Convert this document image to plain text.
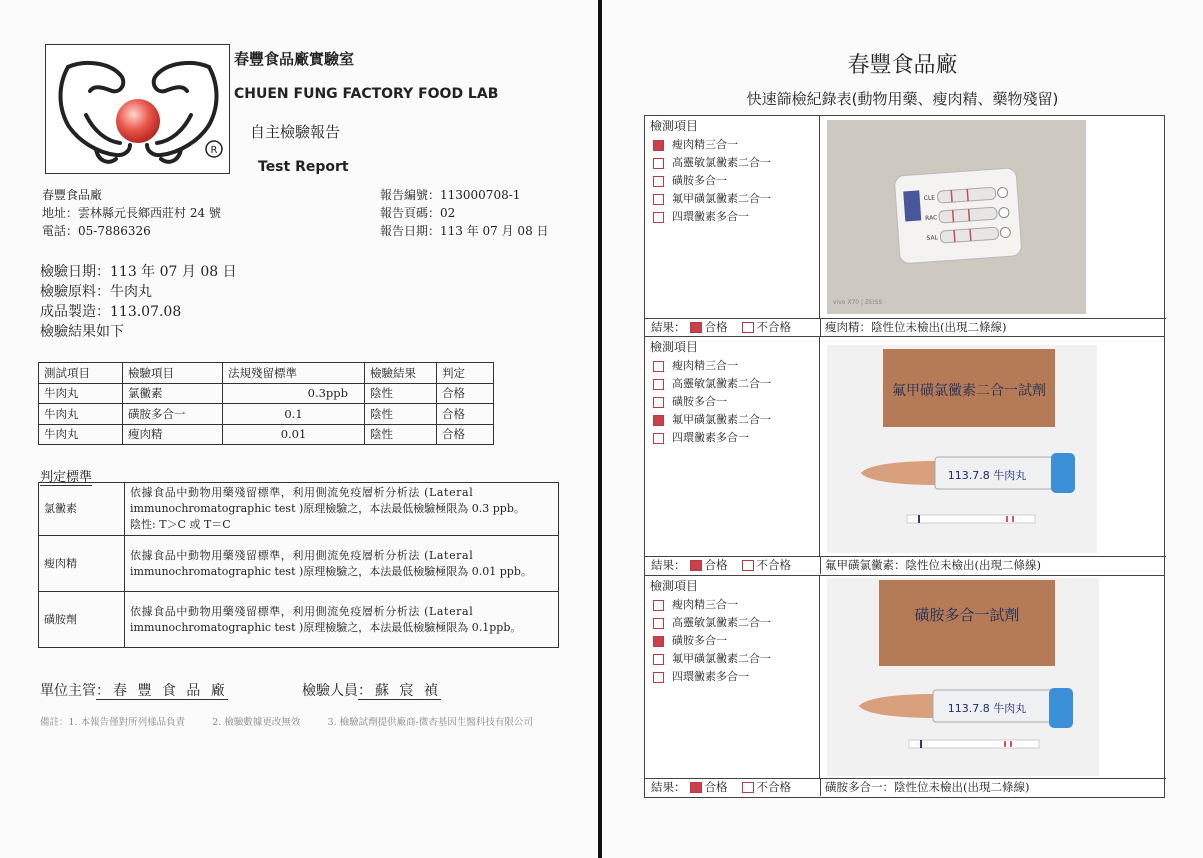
R
春豐食品廠實驗室
CHUEN FUNG FACTORY FOOD LAB
自主檢驗報告
Test Report
春豐食品廠
地址：雲林縣元長鄉西莊村 24 號
電話：05-7886326
報告編號：113000708-1
報告頁碼：02
報告日期：113 年 07 月 08 日
檢驗日期：113 年 07 月 08 日
檢驗原料：牛肉丸
成品製造：113.07.08
檢驗結果如下
測試項目	檢驗項目	法規殘留標準	檢驗結果	判定
牛肉丸	氯黴素	0.3ppb	陰性	合格
牛肉丸	磺胺多合一	0.1	陰性	合格
牛肉丸	瘦肉精	0.01	陰性	合格
判定標準
氯黴素	依據食品中動物用藥殘留標準，利用側流免疫層析分析法 (Lateral
immunochromatographic test )原理檢驗之，本法最低檢驗極限為 0.3 ppb。
陰性: T＞C 或 T＝C

瘦肉精	依據食品中動物用藥殘留標準，利用側流免疫層析分析法 (Lateral
immunochromatographic test )原理檢驗之，本法最低檢驗極限為 0.01 ppb。

磺胺劑	依據食品中動物用藥殘留標準，利用側流免疫層析分析法 (Lateral
immunochromatographic test )原理檢驗之，本法最低檢驗極限為 0.1ppb。
單位主管：春 豐 食 品 廠	檢驗人員：蘇 宸 禎
備註：1. 本報告僅對所列樣品負責	2. 檢驗數據更改無效	3. 檢驗試劑提供廠商-微杏基因生醫科技有限公司
春豐食品廠
快速篩檢紀錄表(動物用藥、瘦肉精、藥物殘留)
檢測項目
瘦肉精三合一
高靈敏氯黴素二合一
磺胺多合一
氟甲磺氯黴素二合一
四環黴素多合一
CLE
RAC
SAL
vivo X70 | ZEISS
結果： 合格	不合格	瘦肉精：陰性位未檢出(出現二條線)
檢測項目
瘦肉精三合一
高靈敏氯黴素二合一
磺胺多合一
氟甲磺氯黴素二合一
四環黴素多合一
氟甲磺氯黴素二合一試劑
113.7.8 牛肉丸
結果： 合格	不合格	氟甲磺氯黴素：陰性位未檢出(出現二條線)
檢測項目
瘦肉精三合一
高靈敏氯黴素二合一
磺胺多合一
氟甲磺氯黴素二合一
四環黴素多合一
磺胺多合一試劑
113.7.8 牛肉丸
結果： 合格	不合格	磺胺多合一：陰性位未檢出(出現二條線)
